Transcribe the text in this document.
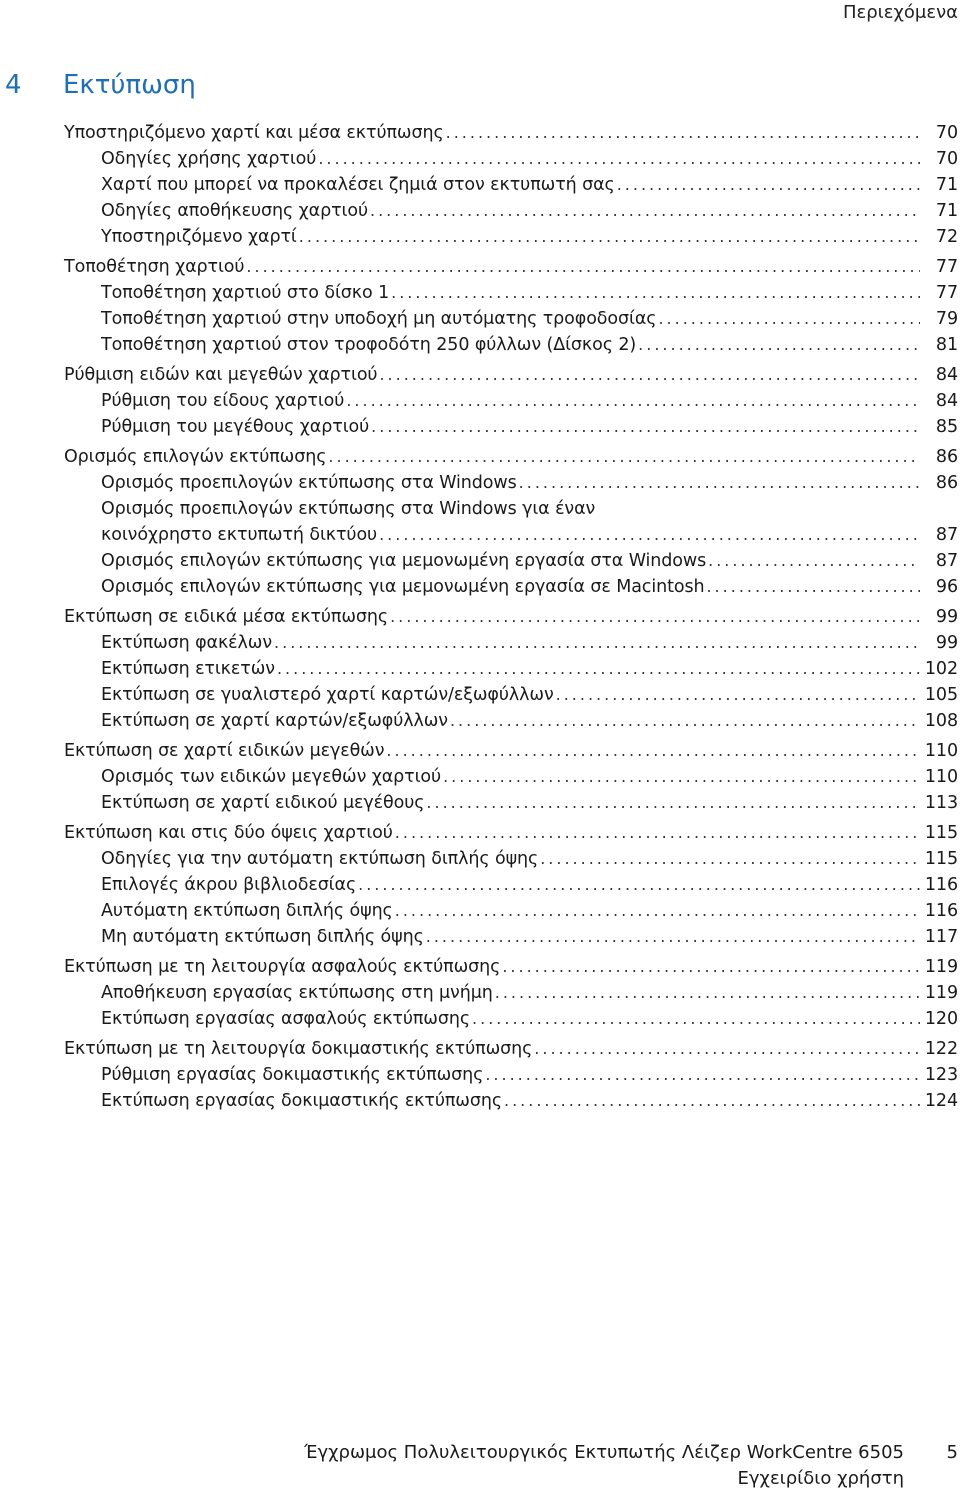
Περιεχόμενα
4 Εκτύπωση
Υποστηριζόμενο χαρτί και μέσα εκτύπωσης .....	70
Οδηγίες χρήσης χαρτιού .....	70
Χαρτί που μπορεί να προκαλέσει ζημιά στον εκτυπωτή σας .....	71
Οδηγίες αποθήκευσης χαρτιού .....	71
Υποστηριζόμενο χαρτί .....	72
Τοποθέτηση χαρτιού .....	77
Τοποθέτηση χαρτιού στο δίσκο 1 .....	77
Τοποθέτηση χαρτιού στην υποδοχή μη αυτόματης τροφοδοσίας .....	79
Τοποθέτηση χαρτιού στον τροφοδότη 250 φύλλων (Δίσκος 2) .....	81
Ρύθμιση ειδών και μεγεθών χαρτιού .....	84
Ρύθμιση του είδους χαρτιού .....	84
Ρύθμιση του μεγέθους χαρτιού .....	85
Ορισμός επιλογών εκτύπωσης .....	86
Ορισμός προεπιλογών εκτύπωσης στα Windows .....	86
Ορισμός προεπιλογών εκτύπωσης στα Windows για έναν
κοινόχρηστο εκτυπωτή δικτύου .....	87
Ορισμός επιλογών εκτύπωσης για μεμονωμένη εργασία στα Windows .....	87
Ορισμός επιλογών εκτύπωσης για μεμονωμένη εργασία σε Macintosh .....	96
Εκτύπωση σε ειδικά μέσα εκτύπωσης .....	99
Εκτύπωση φακέλων .....	99
Εκτύπωση ετικετών .....	102
Εκτύπωση σε γυαλιστερό χαρτί καρτών/εξωφύλλων .....	105
Εκτύπωση σε χαρτί καρτών/εξωφύλλων .....	108
Εκτύπωση σε χαρτί ειδικών μεγεθών .....	110
Ορισμός των ειδικών μεγεθών χαρτιού .....	110
Εκτύπωση σε χαρτί ειδικού μεγέθους .....	113
Εκτύπωση και στις δύο όψεις χαρτιού .....	115
Οδηγίες για την αυτόματη εκτύπωση διπλής όψης .....	115
Επιλογές άκρου βιβλιοδεσίας .....	116
Αυτόματη εκτύπωση διπλής όψης .....	116
Μη αυτόματη εκτύπωση διπλής όψης .....	117
Εκτύπωση με τη λειτουργία ασφαλούς εκτύπωσης .....	119
Αποθήκευση εργασίας εκτύπωσης στη μνήμη .....	119
Εκτύπωση εργασίας ασφαλούς εκτύπωσης .....	120
Εκτύπωση με τη λειτουργία δοκιμαστικής εκτύπωσης .....	122
Ρύθμιση εργασίας δοκιμαστικής εκτύπωσης .....	123
Εκτύπωση εργασίας δοκιμαστικής εκτύπωσης .....	124
Έγχρωμος Πολυλειτουργικός Εκτυπωτής Λέιζερ WorkCentre 6505
Εγχειρίδιο χρήστη
5
